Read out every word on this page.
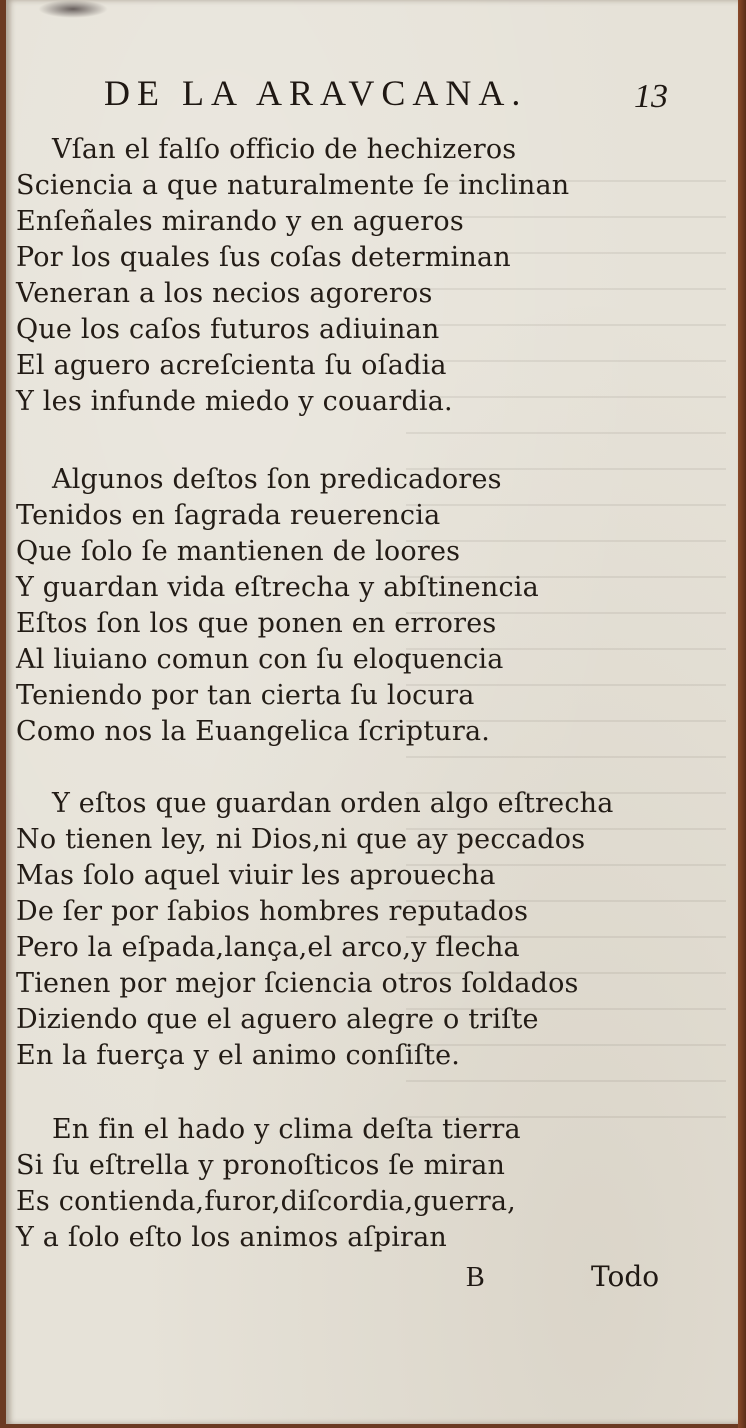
DE LA ARAVCANA.	13
Vſan el falſo officio de hechizeros
Sciencia a que naturalmente ſe inclinan
Enſeñales mirando y en agueros
Por los quales ſus coſas determinan
Veneran a los necios agoreros
Que los caſos futuros adiuinan
El aguero acreſcienta ſu oſadia
Y les infunde miedo y couardia.
Algunos deſtos ſon predicadores
Tenidos en ſagrada reuerencia
Que ſolo ſe mantienen de loores
Y guardan vida eſtrecha y abſtinencia
Eſtos ſon los que ponen en errores
Al liuiano comun con ſu eloquencia
Teniendo por tan cierta ſu locura
Como nos la Euangelica ſcriptura.
Y eſtos que guardan orden algo eſtrecha
No tienen ley, ni Dios,ni que ay peccados
Mas ſolo aquel viuir les aprouecha
De ſer por ſabios hombres reputados
Pero la eſpada,lança,el arco,y flecha
Tienen por mejor ſciencia otros ſoldados
Diziendo que el aguero alegre o triſte
En la fuerça y el animo conſiſte.
En fin el hado y clima deſta tierra
Si ſu eſtrella y pronoſticos ſe miran
Es contienda,furor,diſcordia,guerra,
Y a ſolo eſto los animos aſpiran
B	Todo
